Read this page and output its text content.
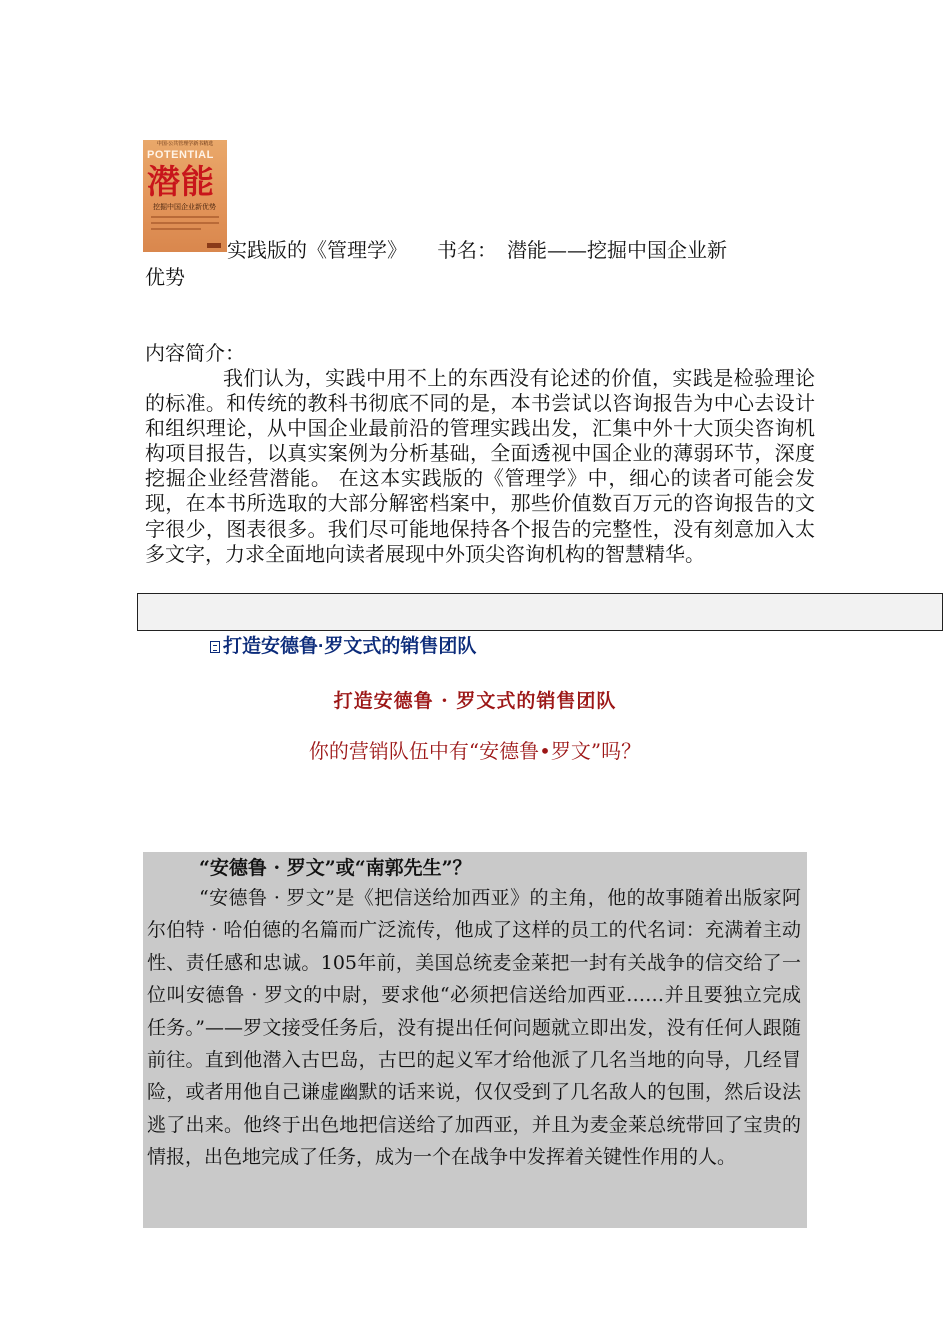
中国·公共管理学新书精选
POTENTIAL
潜能
挖掘中国企业新优势
实践版的《管理学》　　书名：　潜能——挖掘中国企业新
优势
内容简介：
我们认为，实践中用不上的东西没有论述的价值，实践是检验理论的标准。和传统的教科书彻底不同的是，本书尝试以咨询报告为中心去设计和组织理论，从中国企业最前沿的管理实践出发，汇集中外十大顶尖咨询机构项目报告，以真实案例为分析基础，全面透视中国企业的薄弱环节，深度挖掘企业经营潜能。 在这本实践版的《管理学》中，细心的读者可能会发现，在本书所选取的大部分解密档案中，那些价值数百万元的咨询报告的文字很少，图表很多。我们尽可能地保持各个报告的完整性，没有刻意加入太多文字，力求全面地向读者展现中外顶尖咨询机构的智慧精华。
打造安德鲁·罗文式的销售团队
打造安德鲁 · 罗文式的销售团队
你的营销队伍中有“安德鲁•罗文”吗？
“安德鲁 · 罗文”或“南郭先生”？
“安德鲁 · 罗文”是《把信送给加西亚》的主角，他的故事随着出版家阿尔伯特 · 哈伯德的名篇而广泛流传，他成了这样的员工的代名词：充满着主动性、责任感和忠诚。105年前，美国总统麦金莱把一封有关战争的信交给了一位叫安德鲁 · 罗文的中尉，要求他“必须把信送给加西亚……并且要独立完成任务。”——罗文接受任务后，没有提出任何问题就立即出发，没有任何人跟随前往。直到他潜入古巴岛，古巴的起义军才给他派了几名当地的向导，几经冒险，或者用他自己谦虚幽默的话来说，仅仅受到了几名敌人的包围，然后设法逃了出来。他终于出色地把信送给了加西亚，并且为麦金莱总统带回了宝贵的情报，出色地完成了任务，成为一个在战争中发挥着关键性作用的人。
